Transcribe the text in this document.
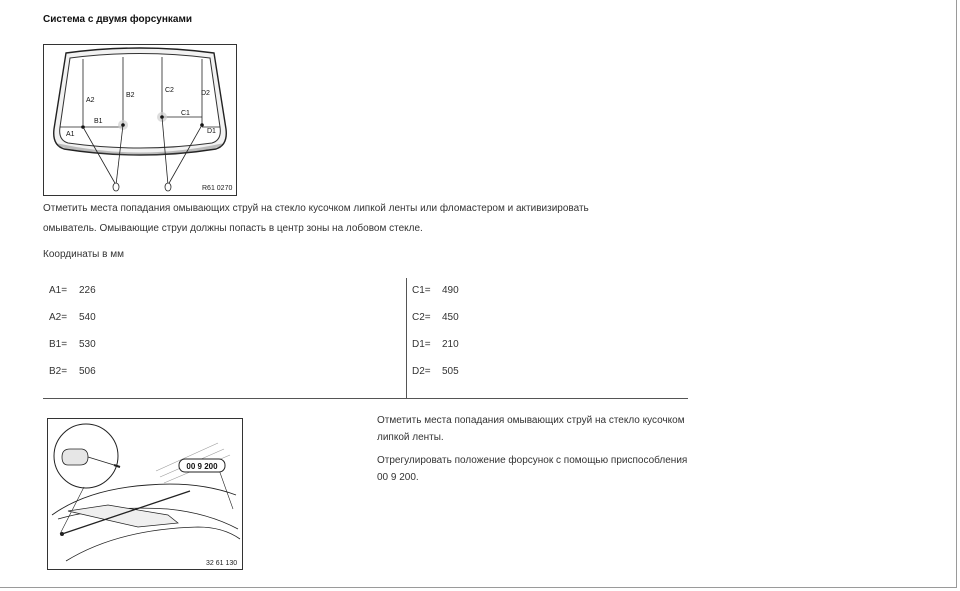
Система с двумя форсунками
A2
B2
C2	D2
B1
C1
A1	D1
R61 0270
Отметить места попадания омывающих струй на стекло кусочком липкой ленты или фломастером и активизировать
омыватель. Омывающие струи должны попасть в центр зоны на лобовом стекле.
Координаты в мм
A1= 226
A2= 540
B1= 530
B2= 506
C1= 490
C2= 450
D1= 210
D2= 505
00 9 200
32 61 130
Отметить места попадания омывающих струй на стекло кусочком
липкой ленты.
Отрегулировать положение форсунок с помощью приспособления
00 9 200.
